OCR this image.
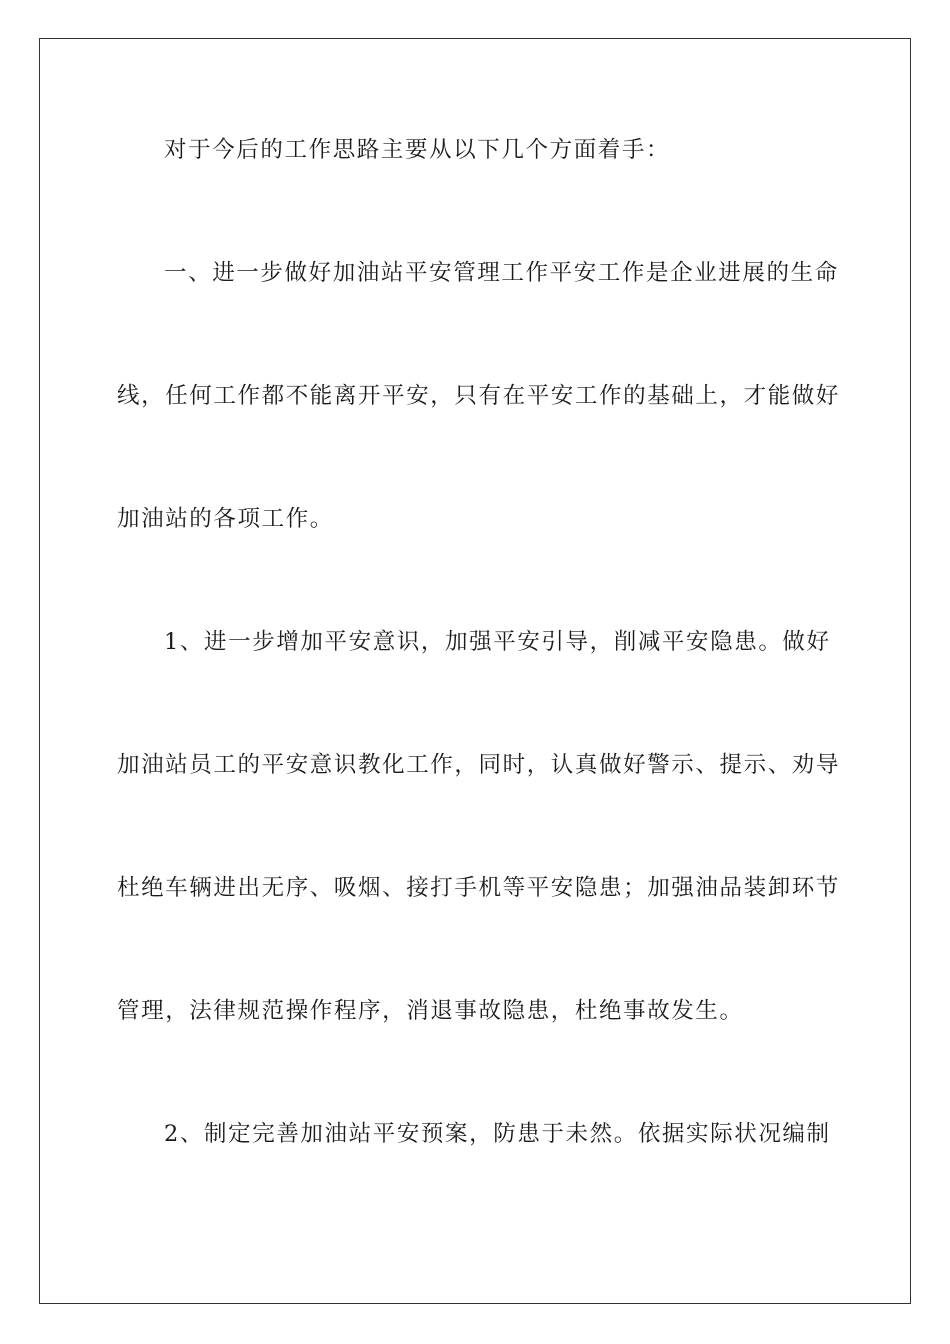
对于今后的工作思路主要从以下几个方面着手：

一、进一步做好加油站平安管理工作平安工作是企业进展的生命

线，任何工作都不能离开平安，只有在平安工作的基础上，才能做好

加油站的各项工作。

1、进一步增加平安意识，加强平安引导，削减平安隐患。做好

加油站员工的平安意识教化工作，同时，认真做好警示、提示、劝导

杜绝车辆进出无序、吸烟、接打手机等平安隐患；加强油品装卸环节

管理，法律规范操作程序，消退事故隐患，杜绝事故发生。

2、制定完善加油站平安预案，防患于未然。依据实际状况编制
